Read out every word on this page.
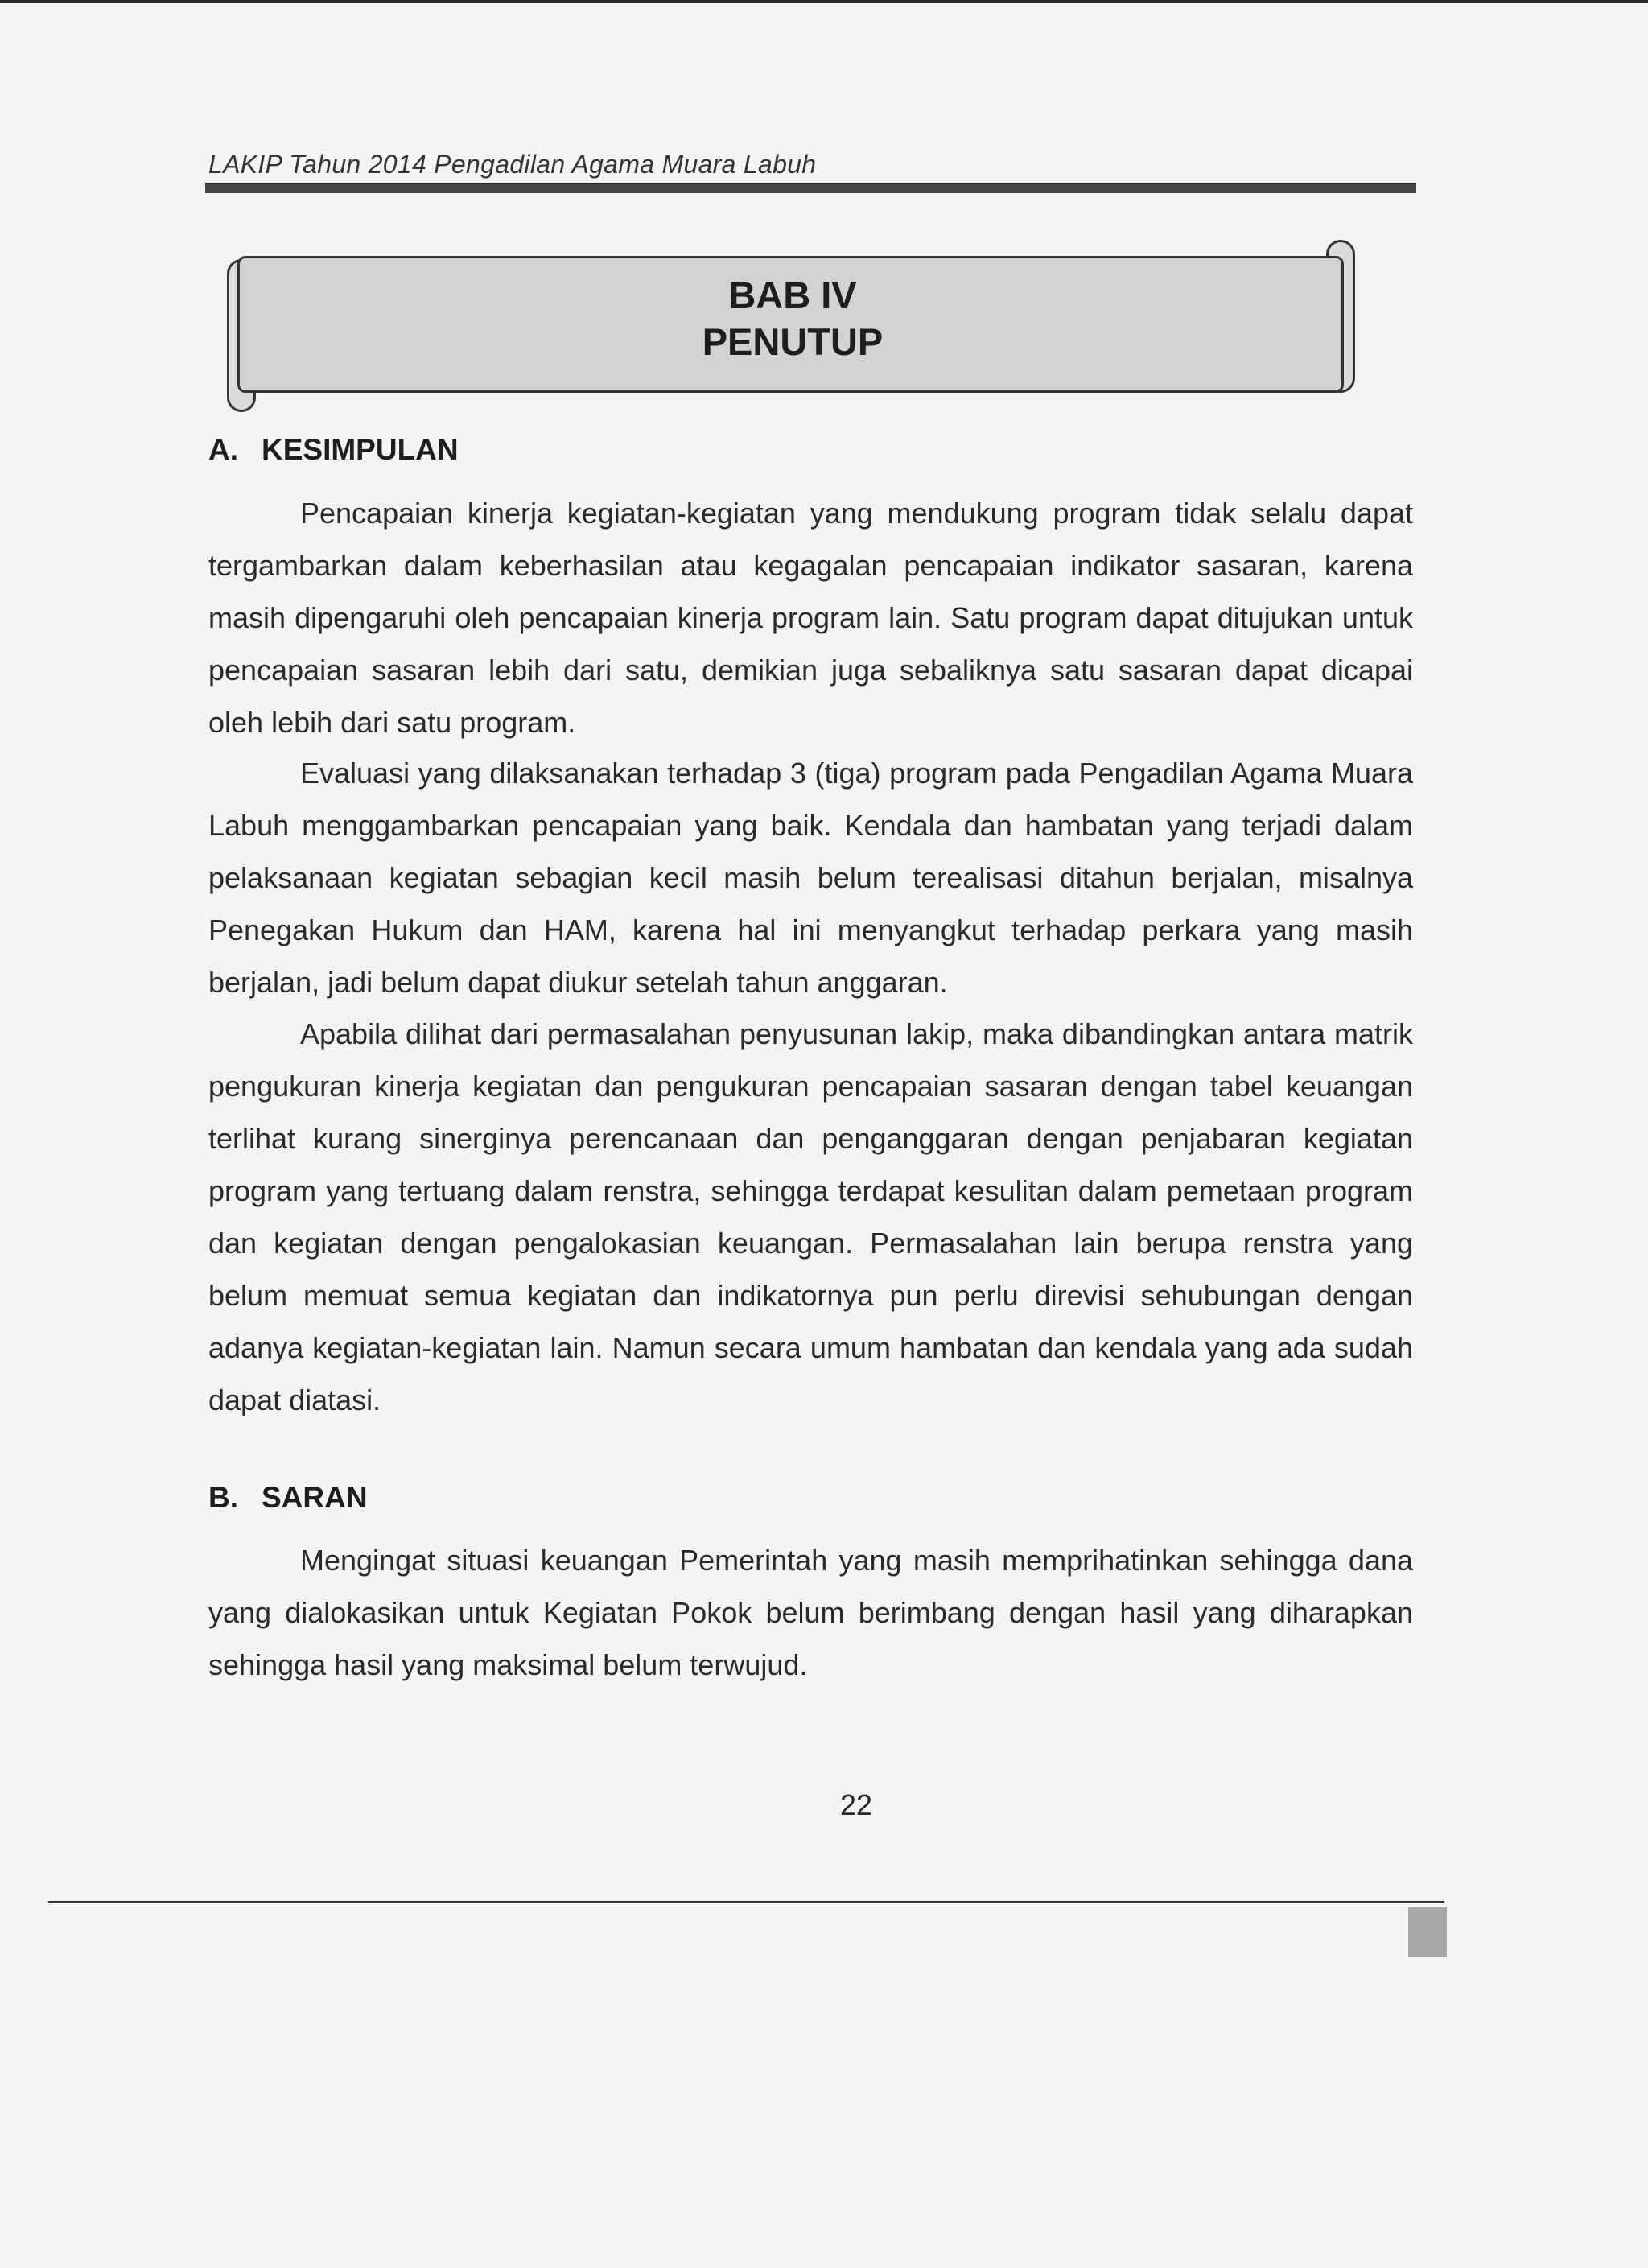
LAKIP Tahun 2014 Pengadilan Agama Muara Labuh
BAB IV
PENUTUP
A. KESIMPULAN

Pencapaian kinerja kegiatan-kegiatan yang mendukung program tidak selalu dapat tergambarkan dalam keberhasilan atau kegagalan pencapaian indikator sasaran, karena masih dipengaruhi oleh pencapaian kinerja program lain. Satu program dapat ditujukan untuk pencapaian sasaran lebih dari satu, demikian juga sebaliknya satu sasaran dapat dicapai oleh lebih dari satu program.

Evaluasi yang dilaksanakan terhadap 3 (tiga) program pada Pengadilan Agama Muara Labuh menggambarkan pencapaian yang baik. Kendala dan hambatan yang terjadi dalam pelaksanaan kegiatan sebagian kecil masih belum terealisasi ditahun berjalan, misalnya Penegakan Hukum dan HAM, karena hal ini menyangkut terhadap perkara yang masih berjalan, jadi belum dapat diukur setelah tahun anggaran.

Apabila dilihat dari permasalahan penyusunan lakip, maka dibandingkan antara matrik pengukuran kinerja kegiatan dan pengukuran pencapaian sasaran dengan tabel keuangan terlihat kurang sinerginya perencanaan dan penganggaran dengan penjabaran kegiatan program yang tertuang dalam renstra, sehingga terdapat kesulitan dalam pemetaan program dan kegiatan dengan pengalokasian keuangan. Permasalahan lain berupa renstra yang belum memuat semua kegiatan dan indikatornya pun perlu direvisi sehubungan dengan adanya kegiatan-kegiatan lain. Namun secara umum hambatan dan kendala yang ada sudah dapat diatasi.

B. SARAN

Mengingat situasi keuangan Pemerintah yang masih memprihatinkan sehingga dana yang dialokasikan untuk Kegiatan Pokok belum berimbang dengan hasil yang diharapkan sehingga hasil yang maksimal belum terwujud.

22
